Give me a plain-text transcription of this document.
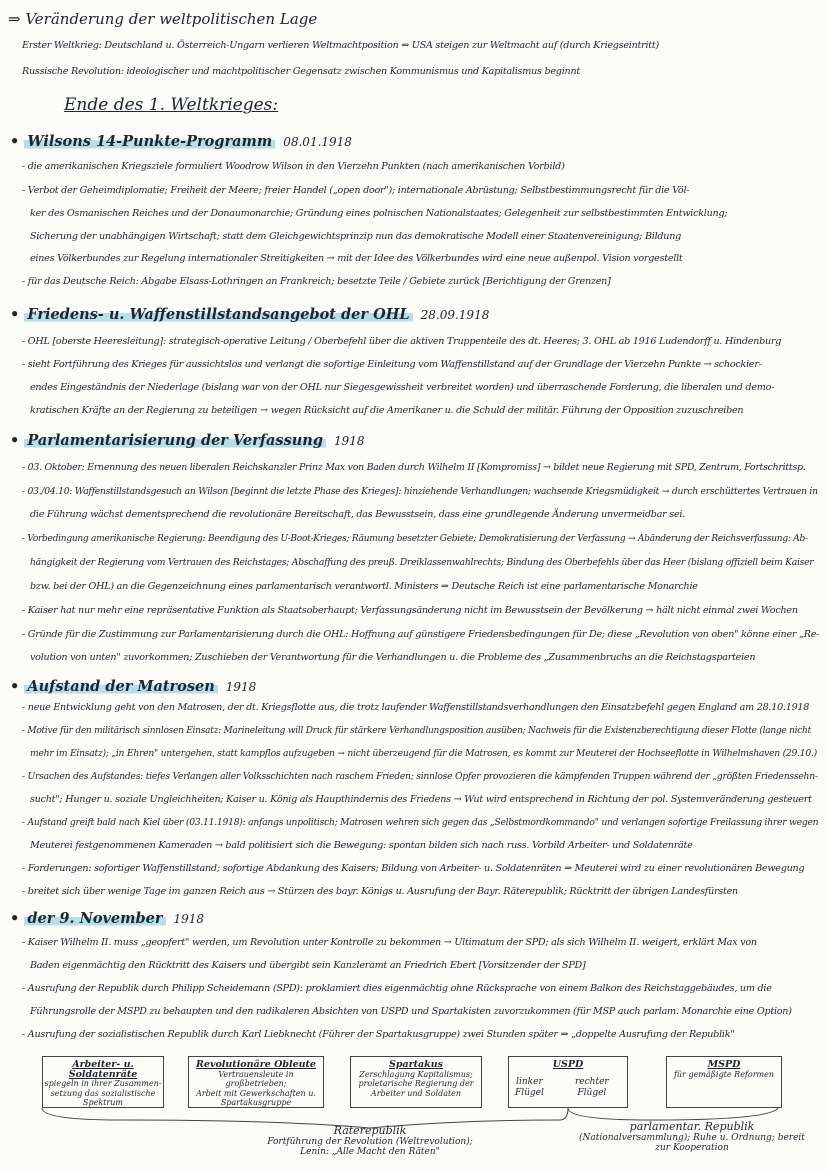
⇒ Veränderung der weltpolitischen Lage
Erster Weltkrieg: Deutschland u. Österreich-Ungarn verlieren Weltmachtposition ⇔ USA steigen zur Weltmacht auf (durch Kriegseintritt)
Russische Revolution: ideologischer und machtpolitischer Gegensatz zwischen Kommunismus und Kapitalismus beginnt
Ende des 1. Weltkrieges:
• Wilsons 14-Punkte-Programm 08.01.1918
- die amerikanischen Kriegsziele formuliert Woodrow Wilson in den Vierzehn Punkten (nach amerikanischen Vorbild)
- Verbot der Geheimdiplomatie; Freiheit der Meere; freier Handel („open door"); internationale Abrüstung; Selbstbestimmungsrecht für die Völ-
ker des Osmanischen Reiches und der Donaumonarchie; Gründung eines polnischen Nationalstaates; Gelegenheit zur selbstbestimmten Entwicklung;
Sicherung der unabhängigen Wirtschaft; statt dem Gleichgewichtsprinzip nun das demokratische Modell einer Staatenvereinigung; Bildung
eines Völkerbundes zur Regelung internationaler Streitigkeiten → mit der Idee des Völkerbundes wird eine neue außenpol. Vision vorgestellt
- für das Deutsche Reich: Abgabe Elsass-Lothringen an Frankreich; besetzte Teile / Gebiete zurück [Berichtigung der Grenzen]
• Friedens- u. Waffenstillstandsangebot der OHL 28.09.1918
- OHL [oberste Heeresleitung]: strategisch-operative Leitung / Oberbefehl über die aktiven Truppenteile des dt. Heeres; 3. OHL ab 1916 Ludendorff u. Hindenburg
- sieht Fortführung des Krieges für aussichtslos und verlangt die sofortige Einleitung vom Waffenstillstand auf der Grundlage der Vierzehn Punkte → schockier-
endes Eingeständnis der Niederlage (bislang war von der OHL nur Siegesgewissheit verbreitet worden) und überraschende Forderung, die liberalen und demo-
kratischen Kräfte an der Regierung zu beteiligen → wegen Rücksicht auf die Amerikaner u. die Schuld der militär. Führung der Opposition zuzuschreiben
• Parlamentarisierung der Verfassung 1918
- 03. Oktober: Ernennung des neuen liberalen Reichskanzler Prinz Max von Baden durch Wilhelm II [Kompromiss] → bildet neue Regierung mit SPD, Zentrum, Fortschrittsp.
- 03./04.10: Waffenstillstandsgesuch an Wilson [beginnt die letzte Phase des Krieges]: hinziehende Verhandlungen; wachsende Kriegsmüdigkeit → durch erschüttertes Vertrauen in
die Führung wächst dementsprechend die revolutionäre Bereitschaft, das Bewusstsein, dass eine grundlegende Änderung unvermeidbar sei.
- Vorbedingung amerikanische Regierung: Beendigung des U-Boot-Krieges; Räumung besetzter Gebiete; Demokratisierung der Verfassung → Abänderung der Reichsverfassung: Ab-
hängigkeit der Regierung vom Vertrauen des Reichstages; Abschaffung des preuß. Dreiklassenwahlrechts; Bindung des Oberbefehls über das Heer (bislang offiziell beim Kaiser
bzw. bei der OHL) an die Gegenzeichnung eines parlamentarisch verantwortl. Ministers ⇒ Deutsche Reich ist eine parlamentarische Monarchie
- Kaiser hat nur mehr eine repräsentative Funktion als Staatsoberhaupt; Verfassungsänderung nicht im Bewusstsein der Bevölkerung → hält nicht einmal zwei Wochen
- Gründe für die Zustimmung zur Parlamentarisierung durch die OHL: Hoffnung auf günstigere Friedensbedingungen für De; diese „Revolution von oben" könne einer „Re-
volution von unten" zuvorkommen; Zuschieben der Verantwortung für die Verhandlungen u. die Probleme des „Zusammenbruchs an die Reichstagsparteien
• Aufstand der Matrosen 1918
- neue Entwicklung geht von den Matrosen, der dt. Kriegsflotte aus, die trotz laufender Waffenstillstandsverhandlungen den Einsatzbefehl gegen England am 28.10.1918
- Motive für den militärisch sinnlosen Einsatz: Marineleitung will Druck für stärkere Verhandlungsposition ausüben; Nachweis für die Existenzberechtigung dieser Flotte (lange nicht
mehr im Einsatz); „in Ehren" untergehen, statt kampflos aufzugeben → nicht überzeugend für die Matrosen, es kommt zur Meuterei der Hochseeflotte in Wilhelmshaven (29.10.)
- Ursachen des Aufstandes: tiefes Verlangen aller Volksschichten nach raschem Frieden; sinnlose Opfer provozieren die kämpfenden Truppen während der „größten Friedenssehn-
sucht"; Hunger u. soziale Ungleichheiten; Kaiser u. König als Haupthindernis des Friedens → Wut wird entsprechend in Richtung der pol. Systemveränderung gesteuert
- Aufstand greift bald nach Kiel über (03.11.1918): anfangs unpolitisch; Matrosen wehren sich gegen das „Selbstmordkommando" und verlangen sofortige Freilassung ihrer wegen
Meuterei festgenommenen Kameraden → bald politisiert sich die Bewegung: spontan bilden sich nach russ. Vorbild Arbeiter- und Soldatenräte
- Forderungen: sofortiger Waffenstillstand; sofortige Abdankung des Kaisers; Bildung von Arbeiter- u. Soldatenräten ⇒ Meuterei wird zu einer revolutionären Bewegung
- breitet sich über wenige Tage im ganzen Reich aus → Stürzen des bayr. Königs u. Ausrufung der Bayr. Räterepublik; Rücktritt der übrigen Landesfürsten
• der 9. November 1918
- Kaiser Wilhelm II. muss „geopfert" werden, um Revolution unter Kontrolle zu bekommen → Ultimatum der SPD; als sich Wilhelm II. weigert, erklärt Max von
Baden eigenmächtig den Rücktritt des Kaisers und übergibt sein Kanzleramt an Friedrich Ebert [Vorsitzender der SPD]
- Ausrufung der Republik durch Philipp Scheidemann (SPD): proklamiert dies eigenmächtig ohne Rücksprache von einem Balkon des Reichstaggebäudes, um die
Führungsrolle der MSPD zu behaupten und den radikaleren Absichten von USPD und Spartakisten zuvorzukommen (für MSP auch parlam. Monarchie eine Option)
- Ausrufung der sozialistischen Republik durch Karl Liebknecht (Führer der Spartakusgruppe) zwei Stunden später ⇒ „doppelte Ausrufung der Republik"
Arbeiter- u. Soldatenräte
spiegeln in ihrer Zusammen-
setzung das sozialistische
Spektrum
Revolutionäre Obleute
Vertrauensleute in großbetrieben;
Arbeit mit Gewerkschaften u.
Spartakusgruppe
Spartakus
Zerschlagung Kapitalismus;
proletarische Regierung der
Arbeiter und Soldaten
USPD
linker
Flügel
rechter
Flügel
MSPD
für gemäßigte Reformen
Räterepublik
Fortführung der Revolution (Weltrevolution);
Lenin: „Alle Macht den Räten"
parlamentar. Republik
(Nationalversammlung); Ruhe u. Ordnung; bereit
zur Kooperation
